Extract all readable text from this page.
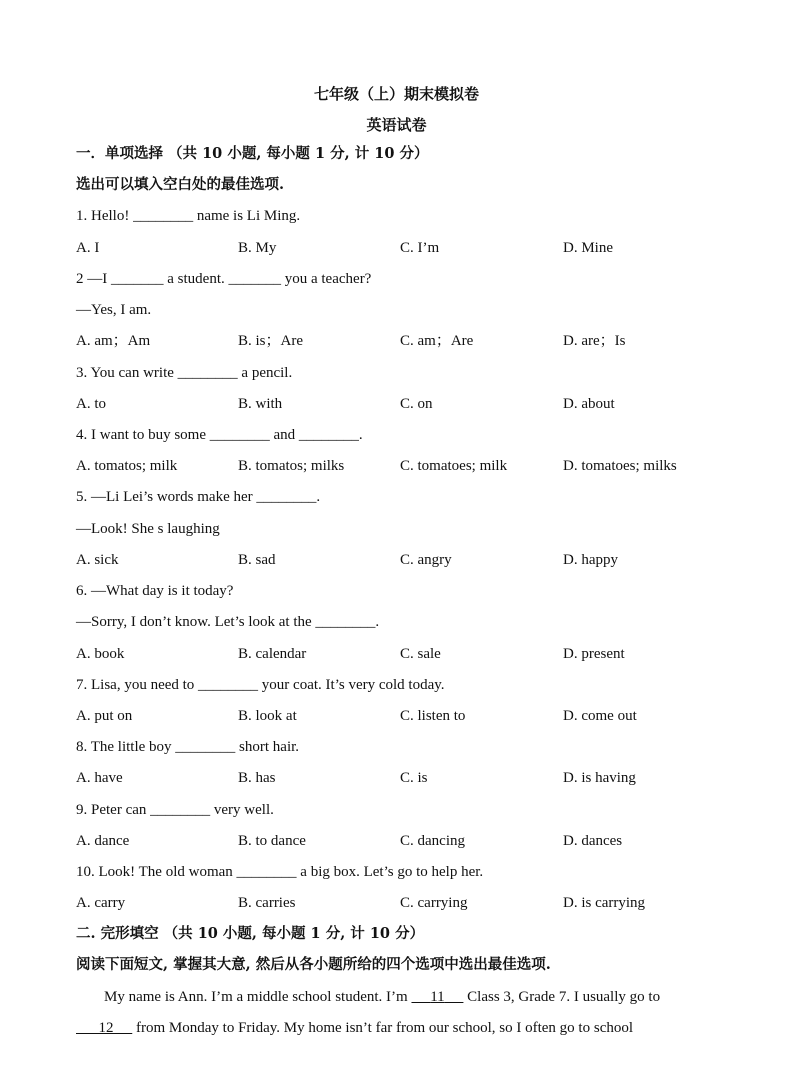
七年级（上）期末模拟卷
英语试卷
一．单项选择 （共 10 小题, 每小题 1 分, 计 10 分）
选出可以填入空白处的最佳选项.
1. Hello! ________ name is Li Ming.
A. I	B. My	C. I’m	D. Mine
2 —I _______ a student. _______ you a teacher?
—Yes, I am.
A. am；Am	B. is；Are	C. am；Are	D. are；Is
3. You can write ________ a pencil.
A. to	B. with	C. on	D. about
4. I want to buy some ________ and ________.
A. tomatos; milk	B. tomatos; milks	C. tomatoes; milk	D. tomatoes; milks
5. —Li Lei’s words make her ________.
—Look! She s laughing
A. sick	B. sad	C. angry	D. happy
6. —What day is it today?
—Sorry, I don’t know. Let’s look at the ________.
A. book	B. calendar	C. sale	D. present
7. Lisa, you need to ________ your coat. It’s very cold today.
A. put on	B. look at	C. listen to	D. come out
8. The little boy ________ short hair.
A. have	B. has	C. is	D. is having
9. Peter can ________ very well.
A. dance	B. to dance	C. dancing	D. dances
10. Look! The old woman ________ a big box. Let’s go to help her.
A. carry	B. carries	C. carrying	D. is carrying
二. 完形填空 （共 10 小题, 每小题 1 分, 计 10 分）
阅读下面短文, 掌握其大意, 然后从各小题所给的四个选项中选出最佳选项.
My name is Ann. I’m a middle school student. I’m      11      Class 3, Grade 7. I usually go to
12      from Monday to Friday. My home isn’t far from our school, so I often go to school
